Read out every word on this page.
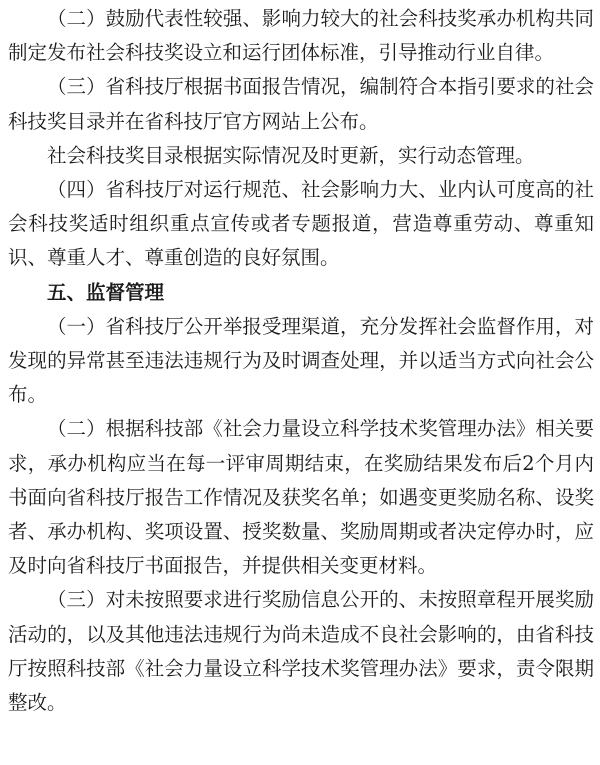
（二）鼓励代表性较强、影响力较大的社会科技奖承办机构共同制定发布社会科技奖设立和运行团体标准，引导推动行业自律。

（三）省科技厅根据书面报告情况，编制符合本指引要求的社会科技奖目录并在省科技厅官方网站上公布。

社会科技奖目录根据实际情况及时更新，实行动态管理。

（四）省科技厅对运行规范、社会影响力大、业内认可度高的社会科技奖适时组织重点宣传或者专题报道，营造尊重劳动、尊重知识、尊重人才、尊重创造的良好氛围。

五、监督管理

（一）省科技厅公开举报受理渠道，充分发挥社会监督作用，对发现的异常甚至违法违规行为及时调查处理，并以适当方式向社会公布。

（二）根据科技部《社会力量设立科学技术奖管理办法》相关要求，承办机构应当在每一评审周期结束，在奖励结果发布后2个月内书面向省科技厅报告工作情况及获奖名单；如遇变更奖励名称、设奖者、承办机构、奖项设置、授奖数量、奖励周期或者决定停办时，应及时向省科技厅书面报告，并提供相关变更材料。

（三）对未按照要求进行奖励信息公开的、未按照章程开展奖励活动的，以及其他违法违规行为尚未造成不良社会影响的，由省科技厅按照科技部《社会力量设立科学技术奖管理办法》要求，责令限期整改。
